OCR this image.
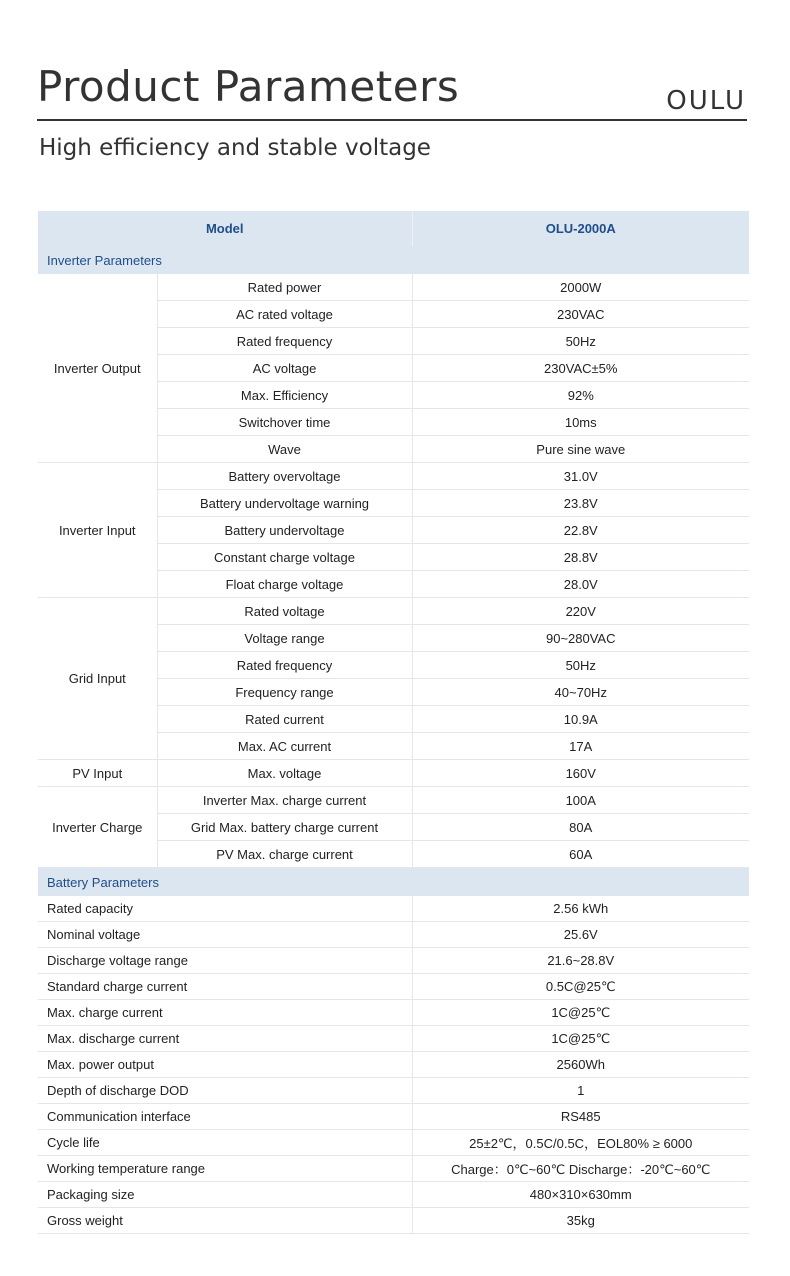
Product Parameters	OULU
High efficiency and stable voltage
Model		OLU-2000A
Inverter Parameters		
Inverter Output	Rated power	2000W
	AC rated voltage	230VAC
	Rated frequency	50Hz
	AC voltage	230VAC±5%
	Max. Efficiency	92%
	Switchover time	10ms
	Wave	Pure sine wave
Inverter Input	Battery overvoltage	31.0V
	Battery undervoltage warning	23.8V
	Battery undervoltage	22.8V
	Constant charge voltage	28.8V
	Float charge voltage	28.0V
Grid Input	Rated voltage	220V
	Voltage range	90~280VAC
	Rated frequency	50Hz
	Frequency range	40~70Hz
	Rated current	10.9A
	Max. AC current	17A
PV Input	Max. voltage	160V
Inverter Charge	Inverter Max. charge current	100A
	Grid Max. battery charge current	80A
	PV Max. charge current	60A
Battery Parameters		
Rated capacity		2.56 kWh
Nominal voltage		25.6V
Discharge voltage range		21.6~28.8V
Standard charge current		0.5C@25℃
Max. charge current		1C@25℃
Max. discharge current		1C@25℃
Max. power output		2560Wh
Depth of discharge DOD		1
Communication interface		RS485
Cycle life		25±2℃，0.5C/0.5C，EOL80% ≥ 6000
Working temperature range		Charge：0℃~60℃ Discharge：-20℃~60℃
Packaging size		480×310×630mm
Gross weight		35kg
